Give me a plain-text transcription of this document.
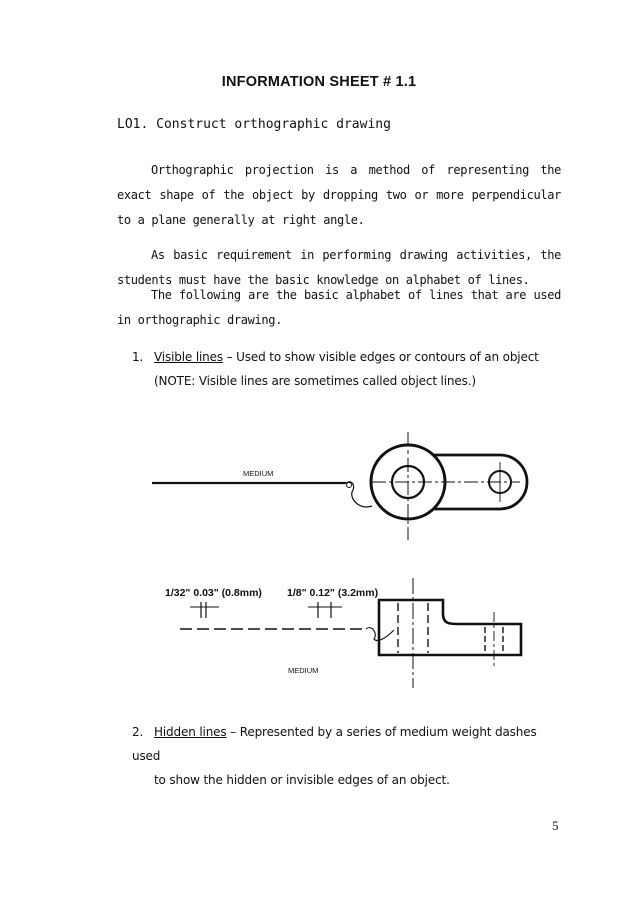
INFORMATION SHEET # 1.1
LO1. Construct orthographic drawing
Orthographic projection is a method of representing the exact shape of the object by dropping two or more perpendicular to a plane generally at right angle.
As basic requirement in performing drawing activities, the students must have the basic knowledge on alphabet of lines.
The following are the basic alphabet of lines that are used in orthographic drawing.
1. Visible lines – Used to show visible edges or contours of an object
(NOTE: Visible lines are sometimes called object lines.)
MEDIUM
1/32" 0.03" (0.8mm) 1/8" 0.12" (3.2mm)
MEDIUM
2. Hidden lines – Represented by a series of medium weight dashes used
to show the hidden or invisible edges of an object.
5
